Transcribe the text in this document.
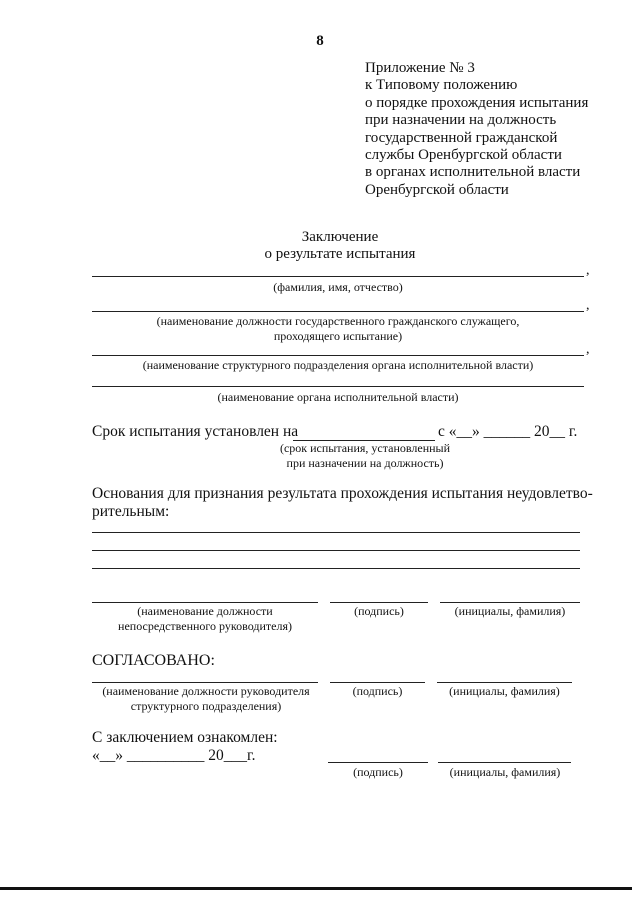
8
Приложение № 3
к Типовому положению
о порядке прохождения испытания
при назначении на должность
государственной гражданской
службы Оренбургской области
в органах исполнительной власти
Оренбургской области
Заключение
о результате испытания
,
(фамилия, имя, отчество)
,
(наименование должности государственного гражданского служащего,
проходящего испытание)
,
(наименование структурного подразделения органа исполнительной власти)
(наименование органа исполнительной власти)
Срок испытания установлен на	с «__» ______ 20__ г.
(срок испытания, установленный
при назначении на должность)
Основания для признания результата прохождения испытания неудовлетво-
рительным:
(наименование должности
непосредственного руководителя)
(подпись)	(инициалы, фамилия)
СОГЛАСОВАНО:
(наименование должности руководителя
структурного подразделения)
(подпись)	(инициалы, фамилия)
С заключением ознакомлен:
«__» __________ 20___г.
(подпись)	(инициалы, фамилия)
